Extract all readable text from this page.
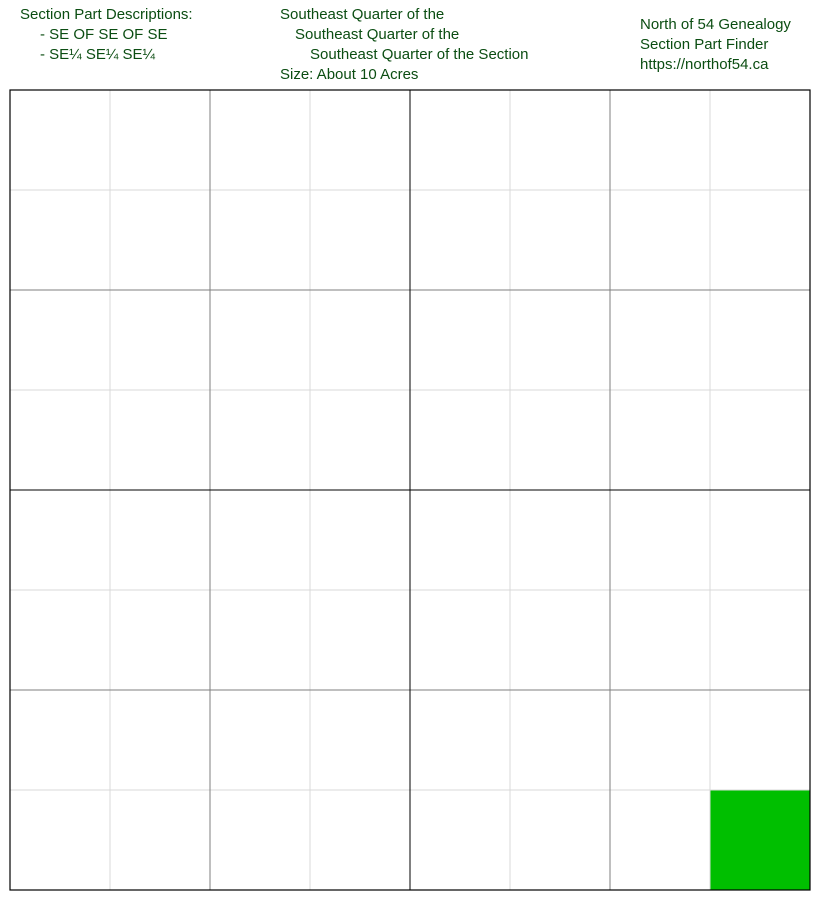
Section Part Descriptions:
- SE OF SE OF SE
- SE¼ SE¼ SE¼
Southeast Quarter of the
Southeast Quarter of the
Southeast Quarter of the Section
Size: About 10 Acres
North of 54 Genealogy
Section Part Finder
https://northof54.ca
